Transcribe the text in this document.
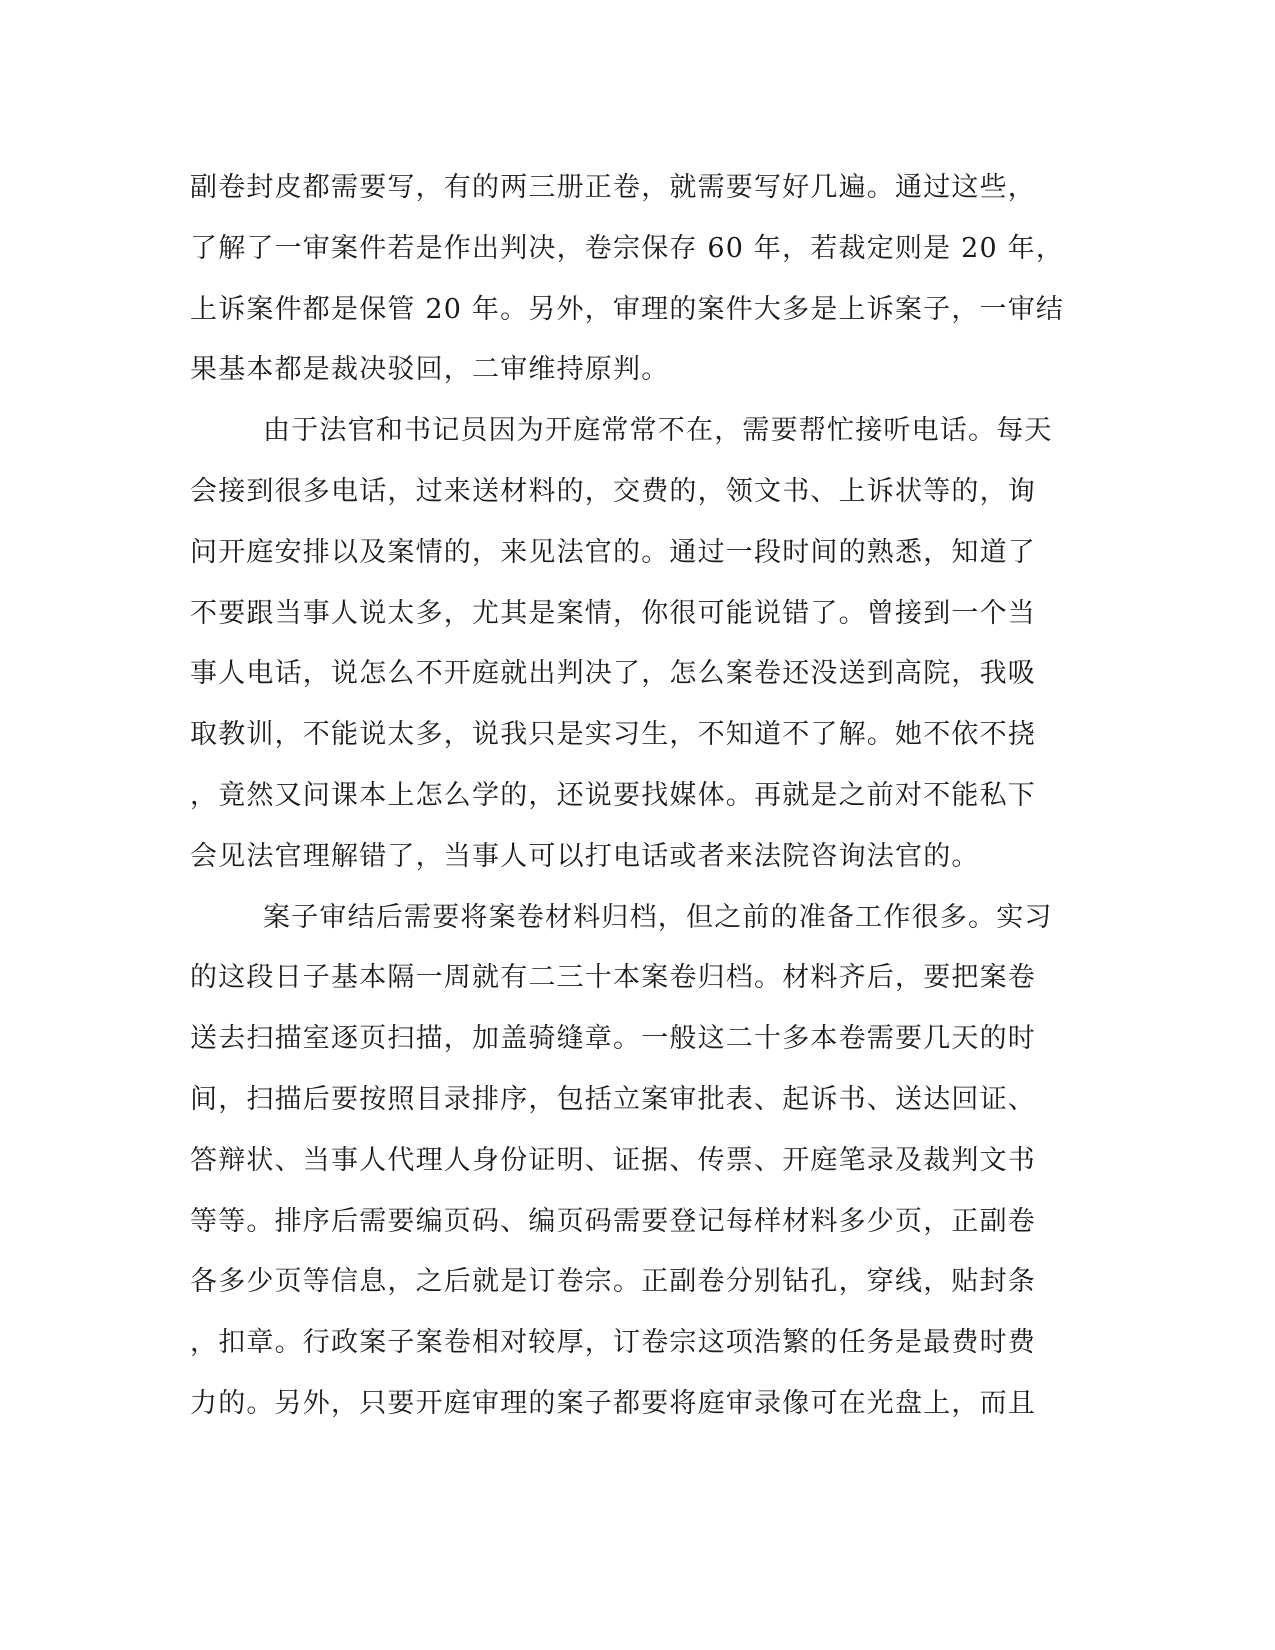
副卷封皮都需要写，有的两三册正卷，就需要写好几遍。通过这些，
了解了一审案件若是作出判决，卷宗保存 60 年，若裁定则是 20 年，
上诉案件都是保管 20 年。另外，审理的案件大多是上诉案子，一审结
果基本都是裁决驳回，二审维持原判。
由于法官和书记员因为开庭常常不在，需要帮忙接听电话。每天
会接到很多电话，过来送材料的，交费的，领文书、上诉状等的，询
问开庭安排以及案情的，来见法官的。通过一段时间的熟悉，知道了
不要跟当事人说太多，尤其是案情，你很可能说错了。曾接到一个当
事人电话，说怎么不开庭就出判决了，怎么案卷还没送到高院，我吸
取教训，不能说太多，说我只是实习生，不知道不了解。她不依不挠
，竟然又问课本上怎么学的，还说要找媒体。再就是之前对不能私下
会见法官理解错了，当事人可以打电话或者来法院咨询法官的。
案子审结后需要将案卷材料归档，但之前的准备工作很多。实习
的这段日子基本隔一周就有二三十本案卷归档。材料齐后，要把案卷
送去扫描室逐页扫描，加盖骑缝章。一般这二十多本卷需要几天的时
间，扫描后要按照目录排序，包括立案审批表、起诉书、送达回证、
答辩状、当事人代理人身份证明、证据、传票、开庭笔录及裁判文书
等等。排序后需要编页码、编页码需要登记每样材料多少页，正副卷
各多少页等信息，之后就是订卷宗。正副卷分别钻孔，穿线，贴封条
，扣章。行政案子案卷相对较厚，订卷宗这项浩繁的任务是最费时费
力的。另外，只要开庭审理的案子都要将庭审录像可在光盘上，而且
